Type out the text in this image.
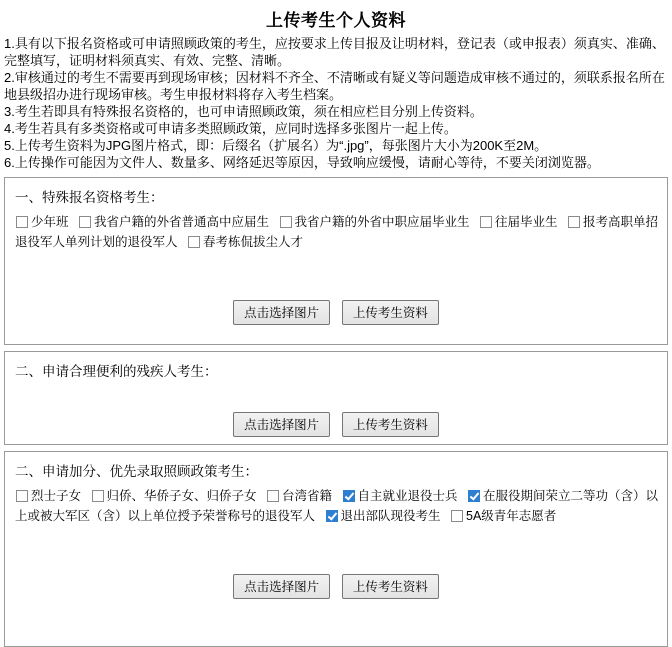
上传考生个人资料

1.具有以下报名资格或可申请照顾政策的考生，应按要求上传目报及让明材料，登记表（或申报表）须真实、准确、完整填写，证明材料须真实、有效、完整、清晰。

2.审核通过的考生不需要再到现场审核；因材料不齐全、不清晰或有疑义等问题造成审核不通过的，须联系报名所在地县级招办进行现场审核。考生申报材料将存入考生档案。

3.考生若即具有特殊报名资格的，也可申请照顾政策，须在相应栏目分别上传资料。

4.考生若具有多类资格或可申请多类照顾政策，应同时选择多张图片一起上传。

5.上传考生资料为JPG图片格式，即：后缀名（扩展名）为“.jpg”，每张图片大小为200K至2M。

6.上传操作可能因为文件人、数量多、网络延迟等原因，导致响应缓慢，请耐心等待，不要关闭浏览器。

一、特殊报名资格考生：
少年班 我省户籍的外省普通高中应届生 我省户籍的外省中职应届毕业生 往届毕业生 报考高职单招退役军人单列计划的退役军人 春考栋侃拔尘人才
点击选择图片	上传考生资料
二、申请合理便利的残疾人考生：
点击选择图片	上传考生资料
二、申请加分、优先录取照顾政策考生：
烈士子女 归侨、华侨子女、归侨子女 台湾省籍 自主就业退役士兵 在服役期间荣立二等功（含）以上或被大军区（含）以上单位授予荣誉称号的退役军人 退出部队现役考生 5A级青年志愿者
点击选择图片	上传考生资料
